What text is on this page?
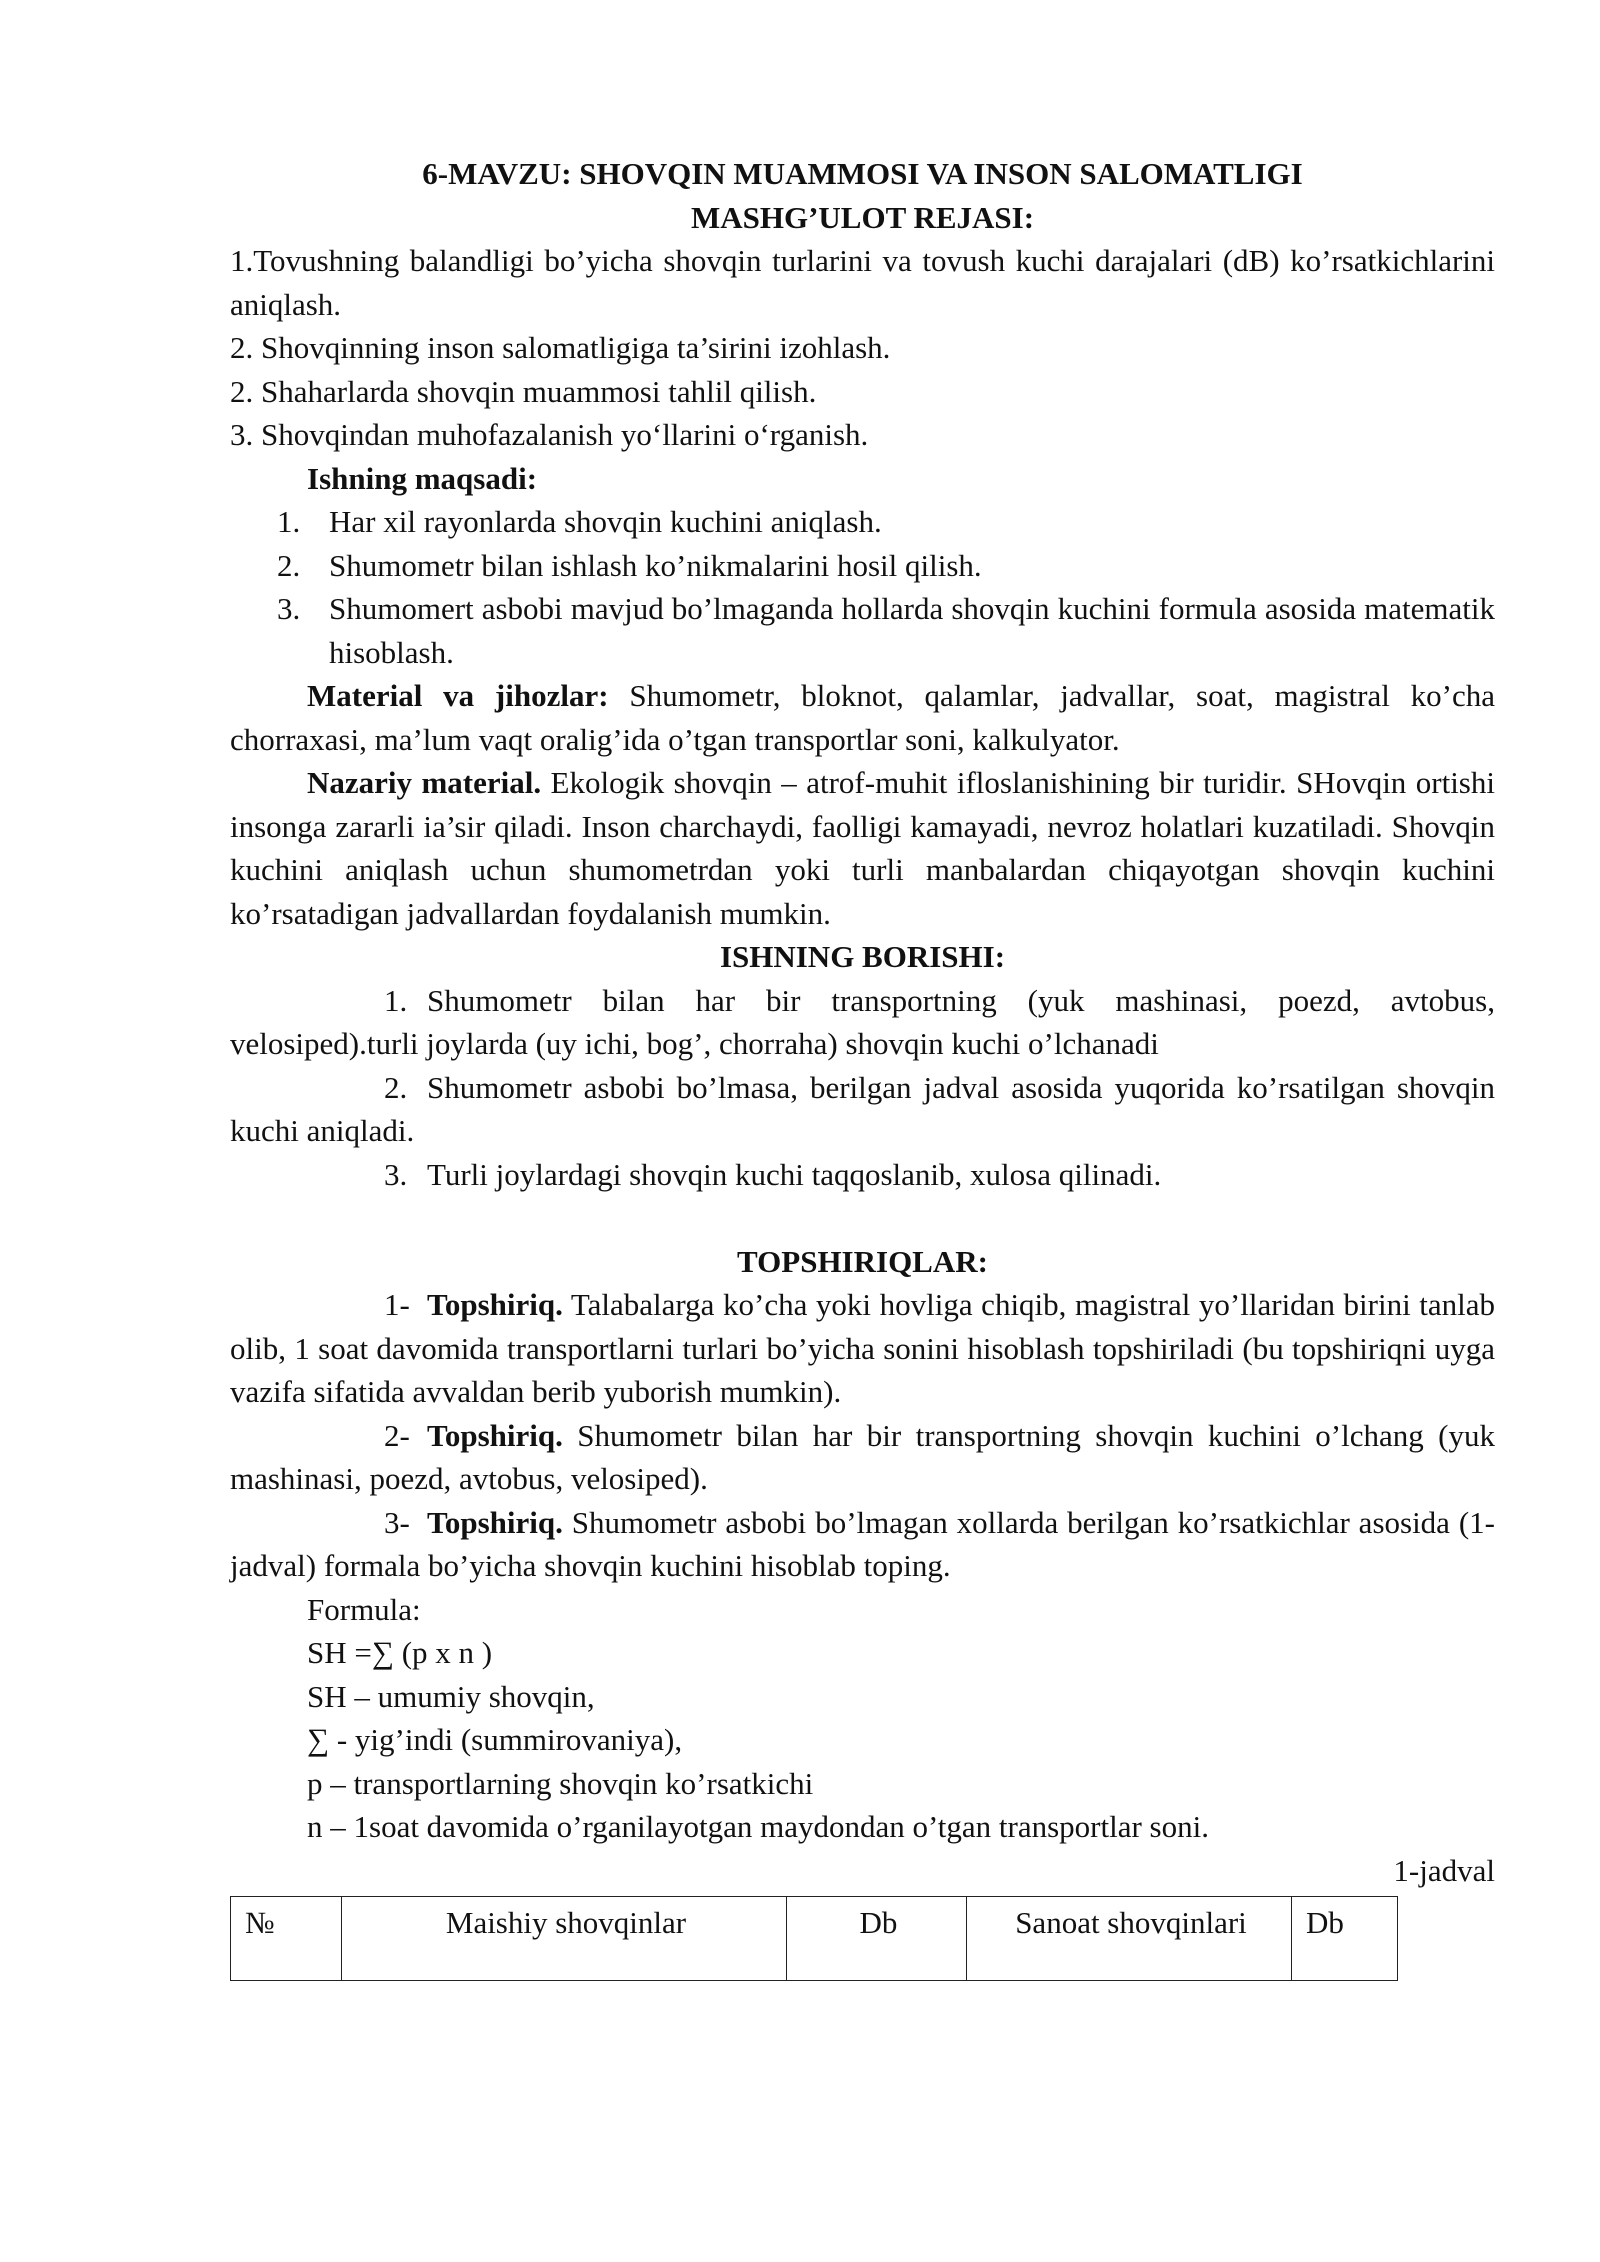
6-MAVZU: SHOVQIN MUAMMOSI VA INSON SALOMATLIGI

MASHG’ULOT REJASI:

1.Tovushning balandligi bo’yicha shovqin turlarini va tovush kuchi darajalari (dB) ko’rsatkichlarini aniqlash.

2. Shovqinning inson salomatligiga ta’sirini izohlash.

2. Shaharlarda shovqin muammosi tahlil qilish.

3. Shovqindan muhofazalanish yo‘llarini o‘rganish.

Ishning maqsadi:

1. Har xil rayonlarda shovqin kuchini aniqlash.
2. Shumometr bilan ishlash ko’nikmalarini hosil qilish.
3. Shumomert asbobi mavjud bo’lmaganda hollarda shovqin kuchini formula asosida matematik hisoblash.

Material va jihozlar: Shumometr, bloknot, qalamlar, jadvallar, soat, magistral ko’cha chorraxasi, ma’lum vaqt oralig’ida o’tgan transportlar soni, kalkulyator.

Nazariy material. Ekologik shovqin – atrof-muhit ifloslanishining bir turidir. SHovqin ortishi insonga zararli ia’sir qiladi. Inson charchaydi, faolligi kamayadi, nevroz holatlari kuzatiladi. Shovqin kuchini aniqlash uchun shumometrdan yoki turli manbalardan chiqayotgan shovqin kuchini ko’rsatadigan jadvallardan foydalanish mumkin.

ISHNING BORISHI:

1. Shumometr bilan har bir transportning (yuk mashinasi, poezd, avtobus, velosiped).turli joylarda (uy ichi, bog’, chorraha) shovqin kuchi o’lchanadi

2. Shumometr asbobi bo’lmasa, berilgan jadval asosida yuqorida ko’rsatilgan shovqin kuchi aniqladi.

3. Turli joylardagi shovqin kuchi taqqoslanib, xulosa qilinadi.

TOPSHIRIQLAR:

1- Topshiriq. Talabalarga ko’cha yoki hovliga chiqib, magistral yo’llaridan birini tanlab olib, 1 soat davomida transportlarni turlari bo’yicha sonini hisoblash topshiriladi (bu topshiriqni uyga vazifa sifatida avvaldan berib yuborish mumkin).

2- Topshiriq. Shumometr bilan har bir transportning shovqin kuchini o’lchang (yuk mashinasi, poezd, avtobus, velosiped).

3- Topshiriq. Shumometr asbobi bo’lmagan xollarda berilgan ko’rsatkichlar asosida (1-jadval) formala bo’yicha shovqin kuchini hisoblab toping.

Formula:

SH =∑ (p x n )

SH – umumiy shovqin,

∑ - yig’indi (summirovaniya),

p – transportlarning shovqin ko’rsatkichi

n – 1soat davomida o’rganilayotgan maydondan o’tgan transportlar soni.

1-jadval

№	Maishiy shovqinlar	Db	Sanoat shovqinlari	Db
